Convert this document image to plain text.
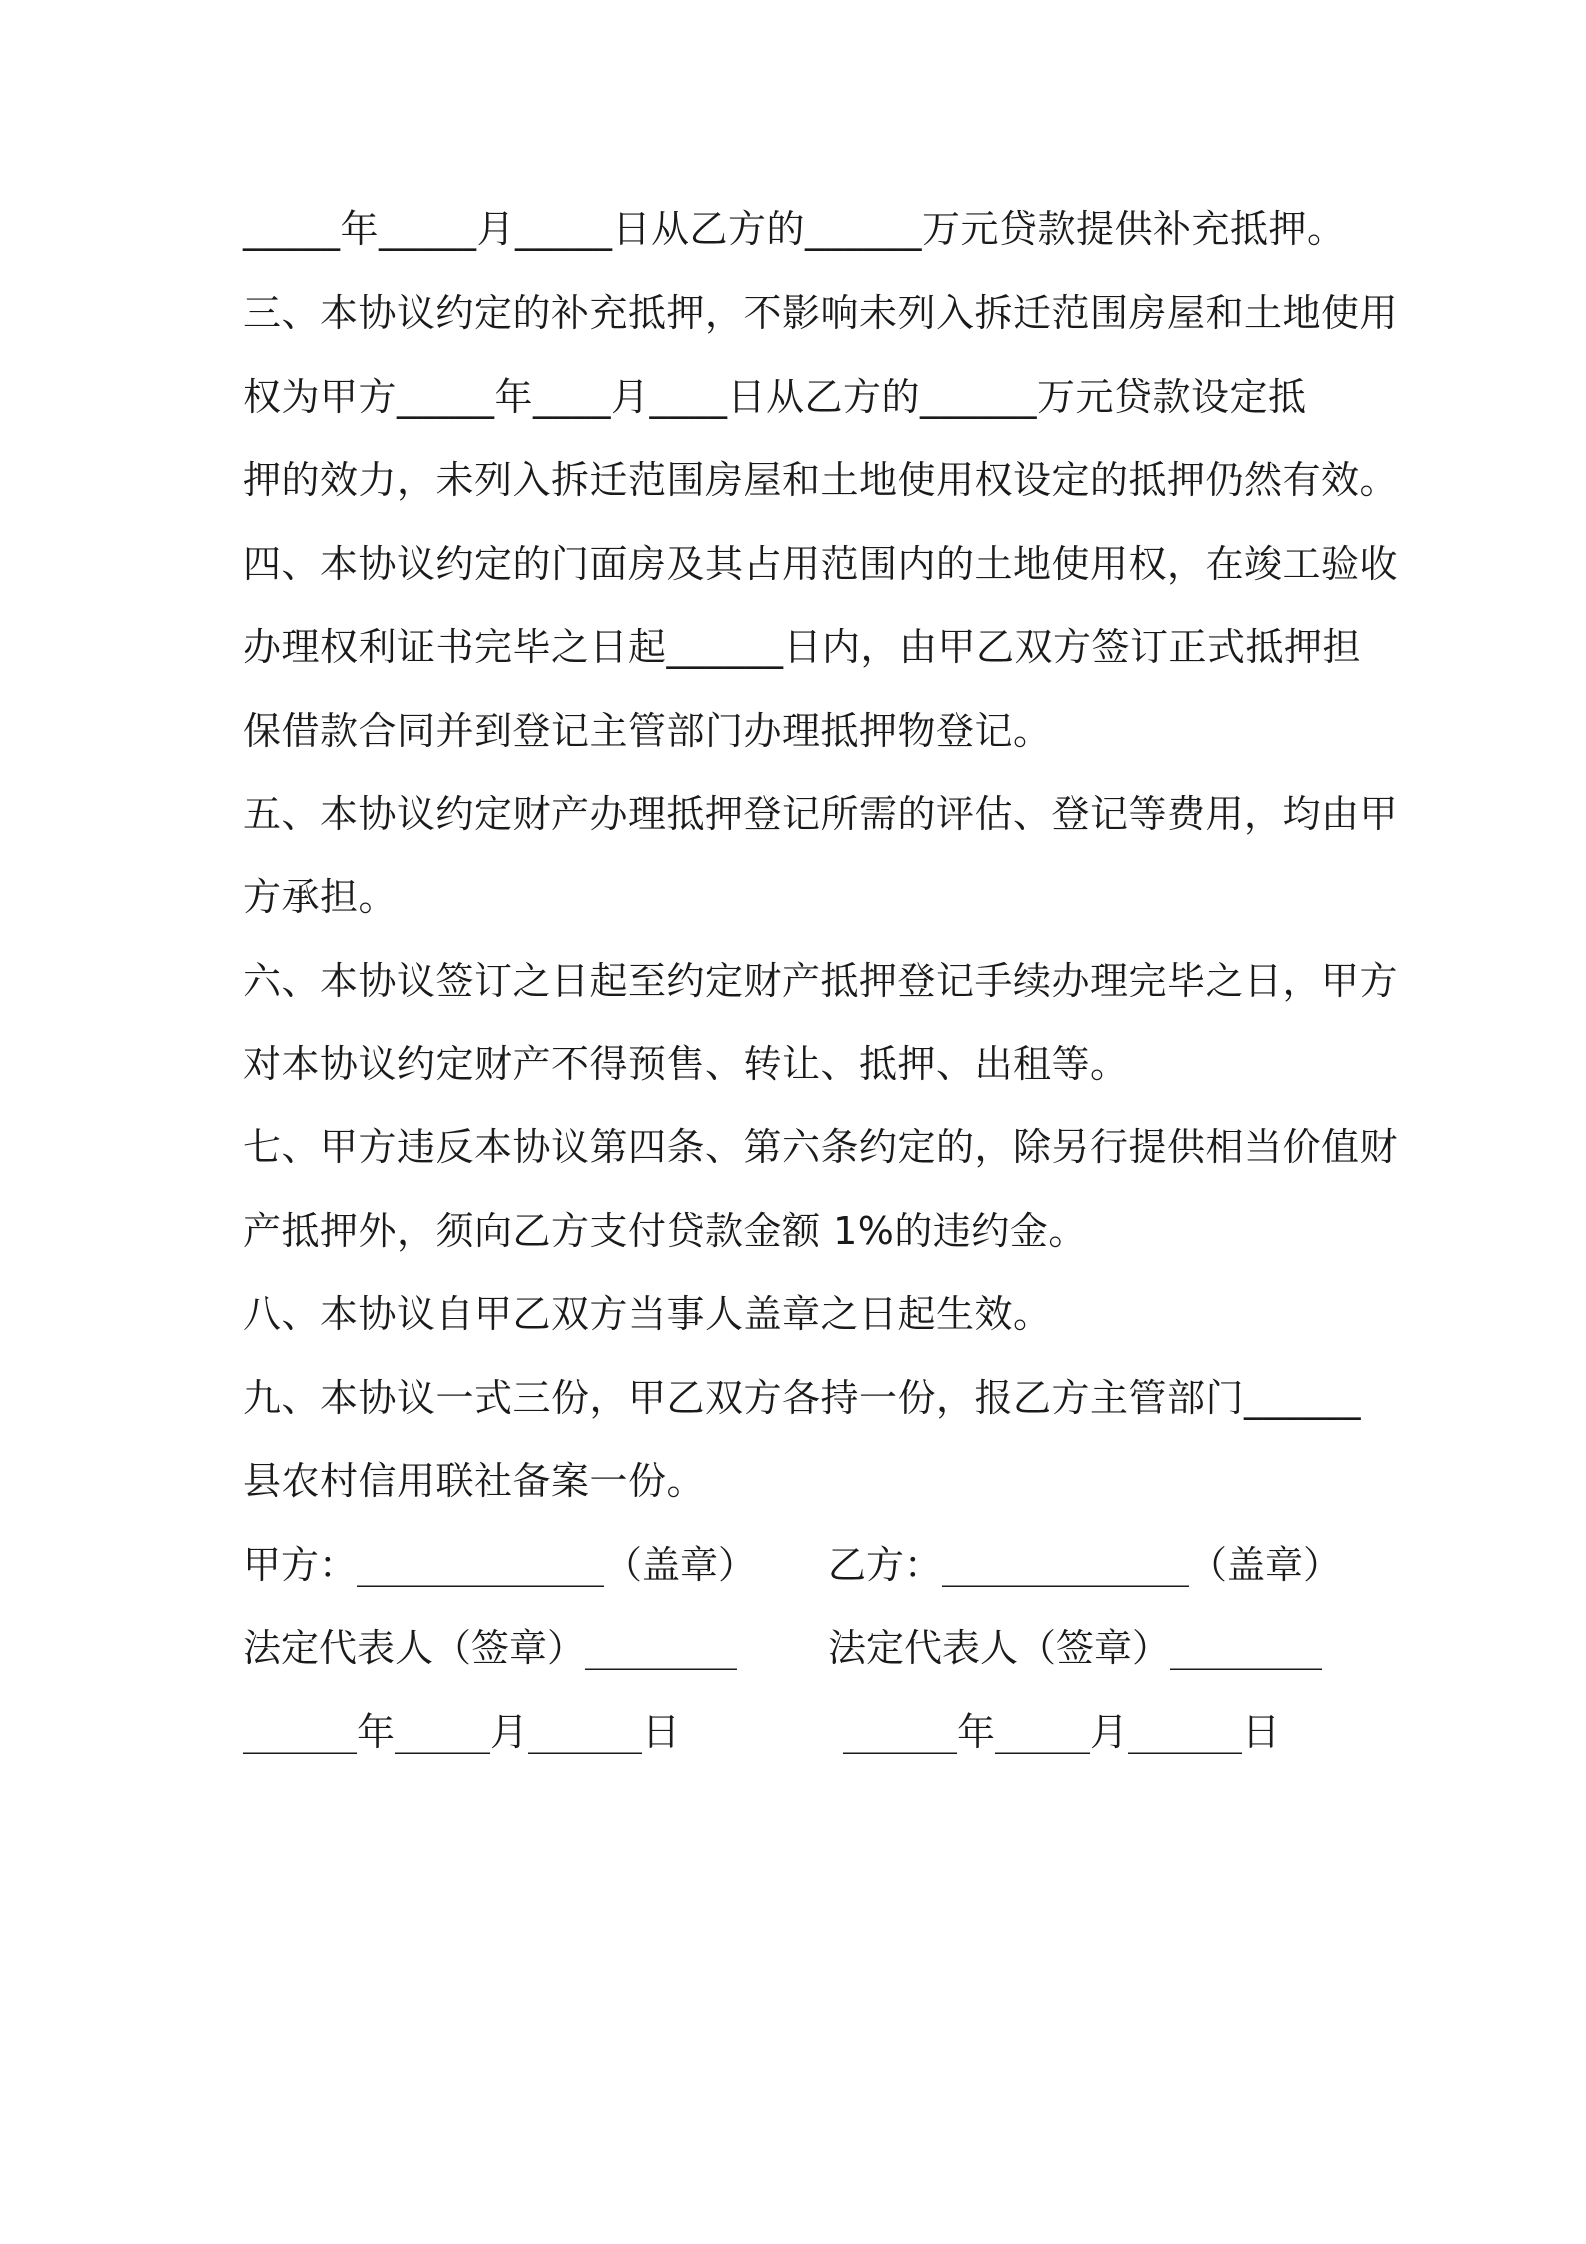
_____年_____月_____日从乙方的______万元贷款提供补充抵押。
三、本协议约定的补充抵押，不影响未列入拆迁范围房屋和土地使用
权为甲方_____年____月____日从乙方的______万元贷款设定抵
押的效力，未列入拆迁范围房屋和土地使用权设定的抵押仍然有效。
四、本协议约定的门面房及其占用范围内的土地使用权，在竣工验收
办理权利证书完毕之日起______日内，由甲乙双方签订正式抵押担
保借款合同并到登记主管部门办理抵押物登记。
五、本协议约定财产办理抵押登记所需的评估、登记等费用，均由甲
方承担。
六、本协议签订之日起至约定财产抵押登记手续办理完毕之日，甲方
对本协议约定财产不得预售、转让、抵押、出租等。
七、甲方违反本协议第四条、第六条约定的，除另行提供相当价值财
产抵押外，须向乙方支付贷款金额 1%的违约金。
八、本协议自甲乙双方当事人盖章之日起生效。
九、本协议一式三份，甲乙双方各持一份，报乙方主管部门______
县农村信用联社备案一份。
甲方：_____________（盖章） 乙方：_____________（盖章）
法定代表人（签章）________ 法定代表人（签章）________
______年_____月______日	______年_____月______日
